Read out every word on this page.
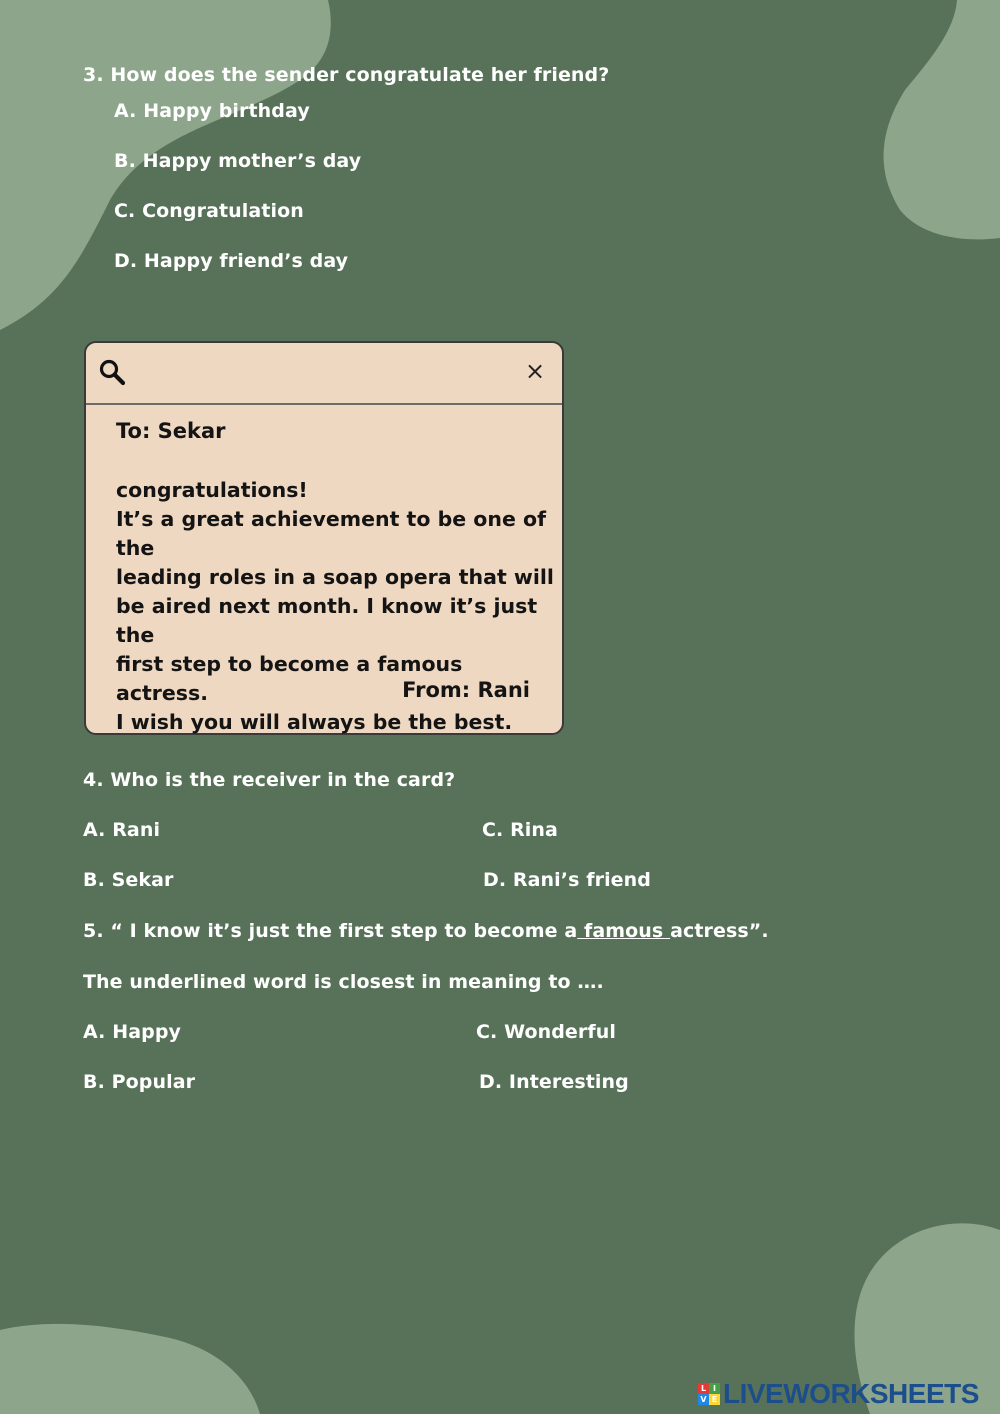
3. How does the sender congratulate her friend?
A. Happy birthday
B. Happy mother’s day
C. Congratulation
D. Happy friend’s day
×
To: Sekar
congratulations!
It’s a great achievement to be one of the
leading roles in a soap opera that will
be aired next month. I know it’s just the
first step to become a famous actress.
I wish you will always be the best.
From: Rani
4. Who is the receiver in the card?
A. Rani	C. Rina
B. Sekar	D. Rani’s friend
5. “ I know it’s just the first step to become a famous actress”.
The underlined word is closest in meaning to ….
A. Happy	C. Wonderful
B. Popular	D. Interesting
L I
V E LIVEWORKSHEETS
